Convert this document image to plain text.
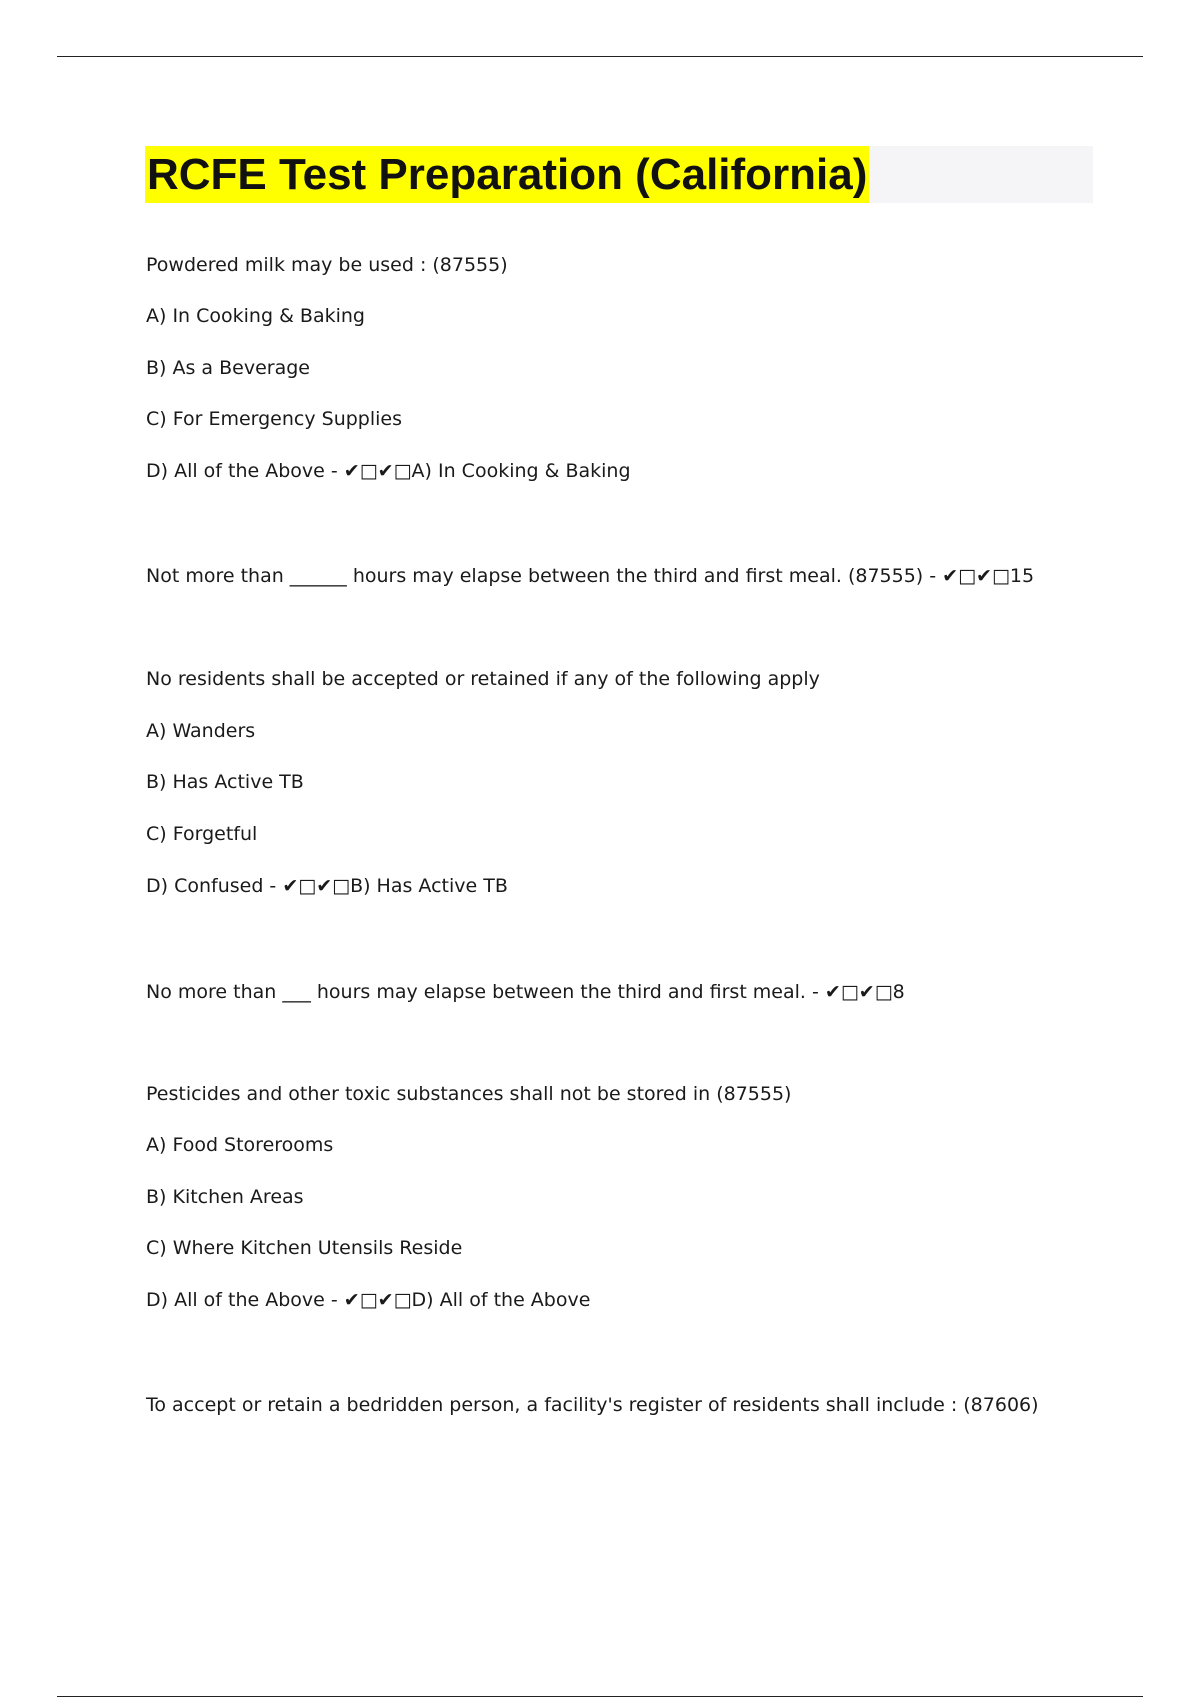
RCFE Test Preparation (California)
Powdered milk may be used : (87555)
A) In Cooking & Baking
B) As a Beverage
C) For Emergency Supplies
D) All of the Above - ✔□✔□A) In Cooking & Baking
Not more than ______ hours may elapse between the third and first meal. (87555) - ✔□✔□15
No residents shall be accepted or retained if any of the following apply
A) Wanders
B) Has Active TB
C) Forgetful
D) Confused - ✔□✔□B) Has Active TB
No more than ___ hours may elapse between the third and first meal. - ✔□✔□8
Pesticides and other toxic substances shall not be stored in (87555)
A) Food Storerooms
B) Kitchen Areas
C) Where Kitchen Utensils Reside
D) All of the Above - ✔□✔□D) All of the Above
To accept or retain a bedridden person, a facility's register of residents shall include : (87606)
